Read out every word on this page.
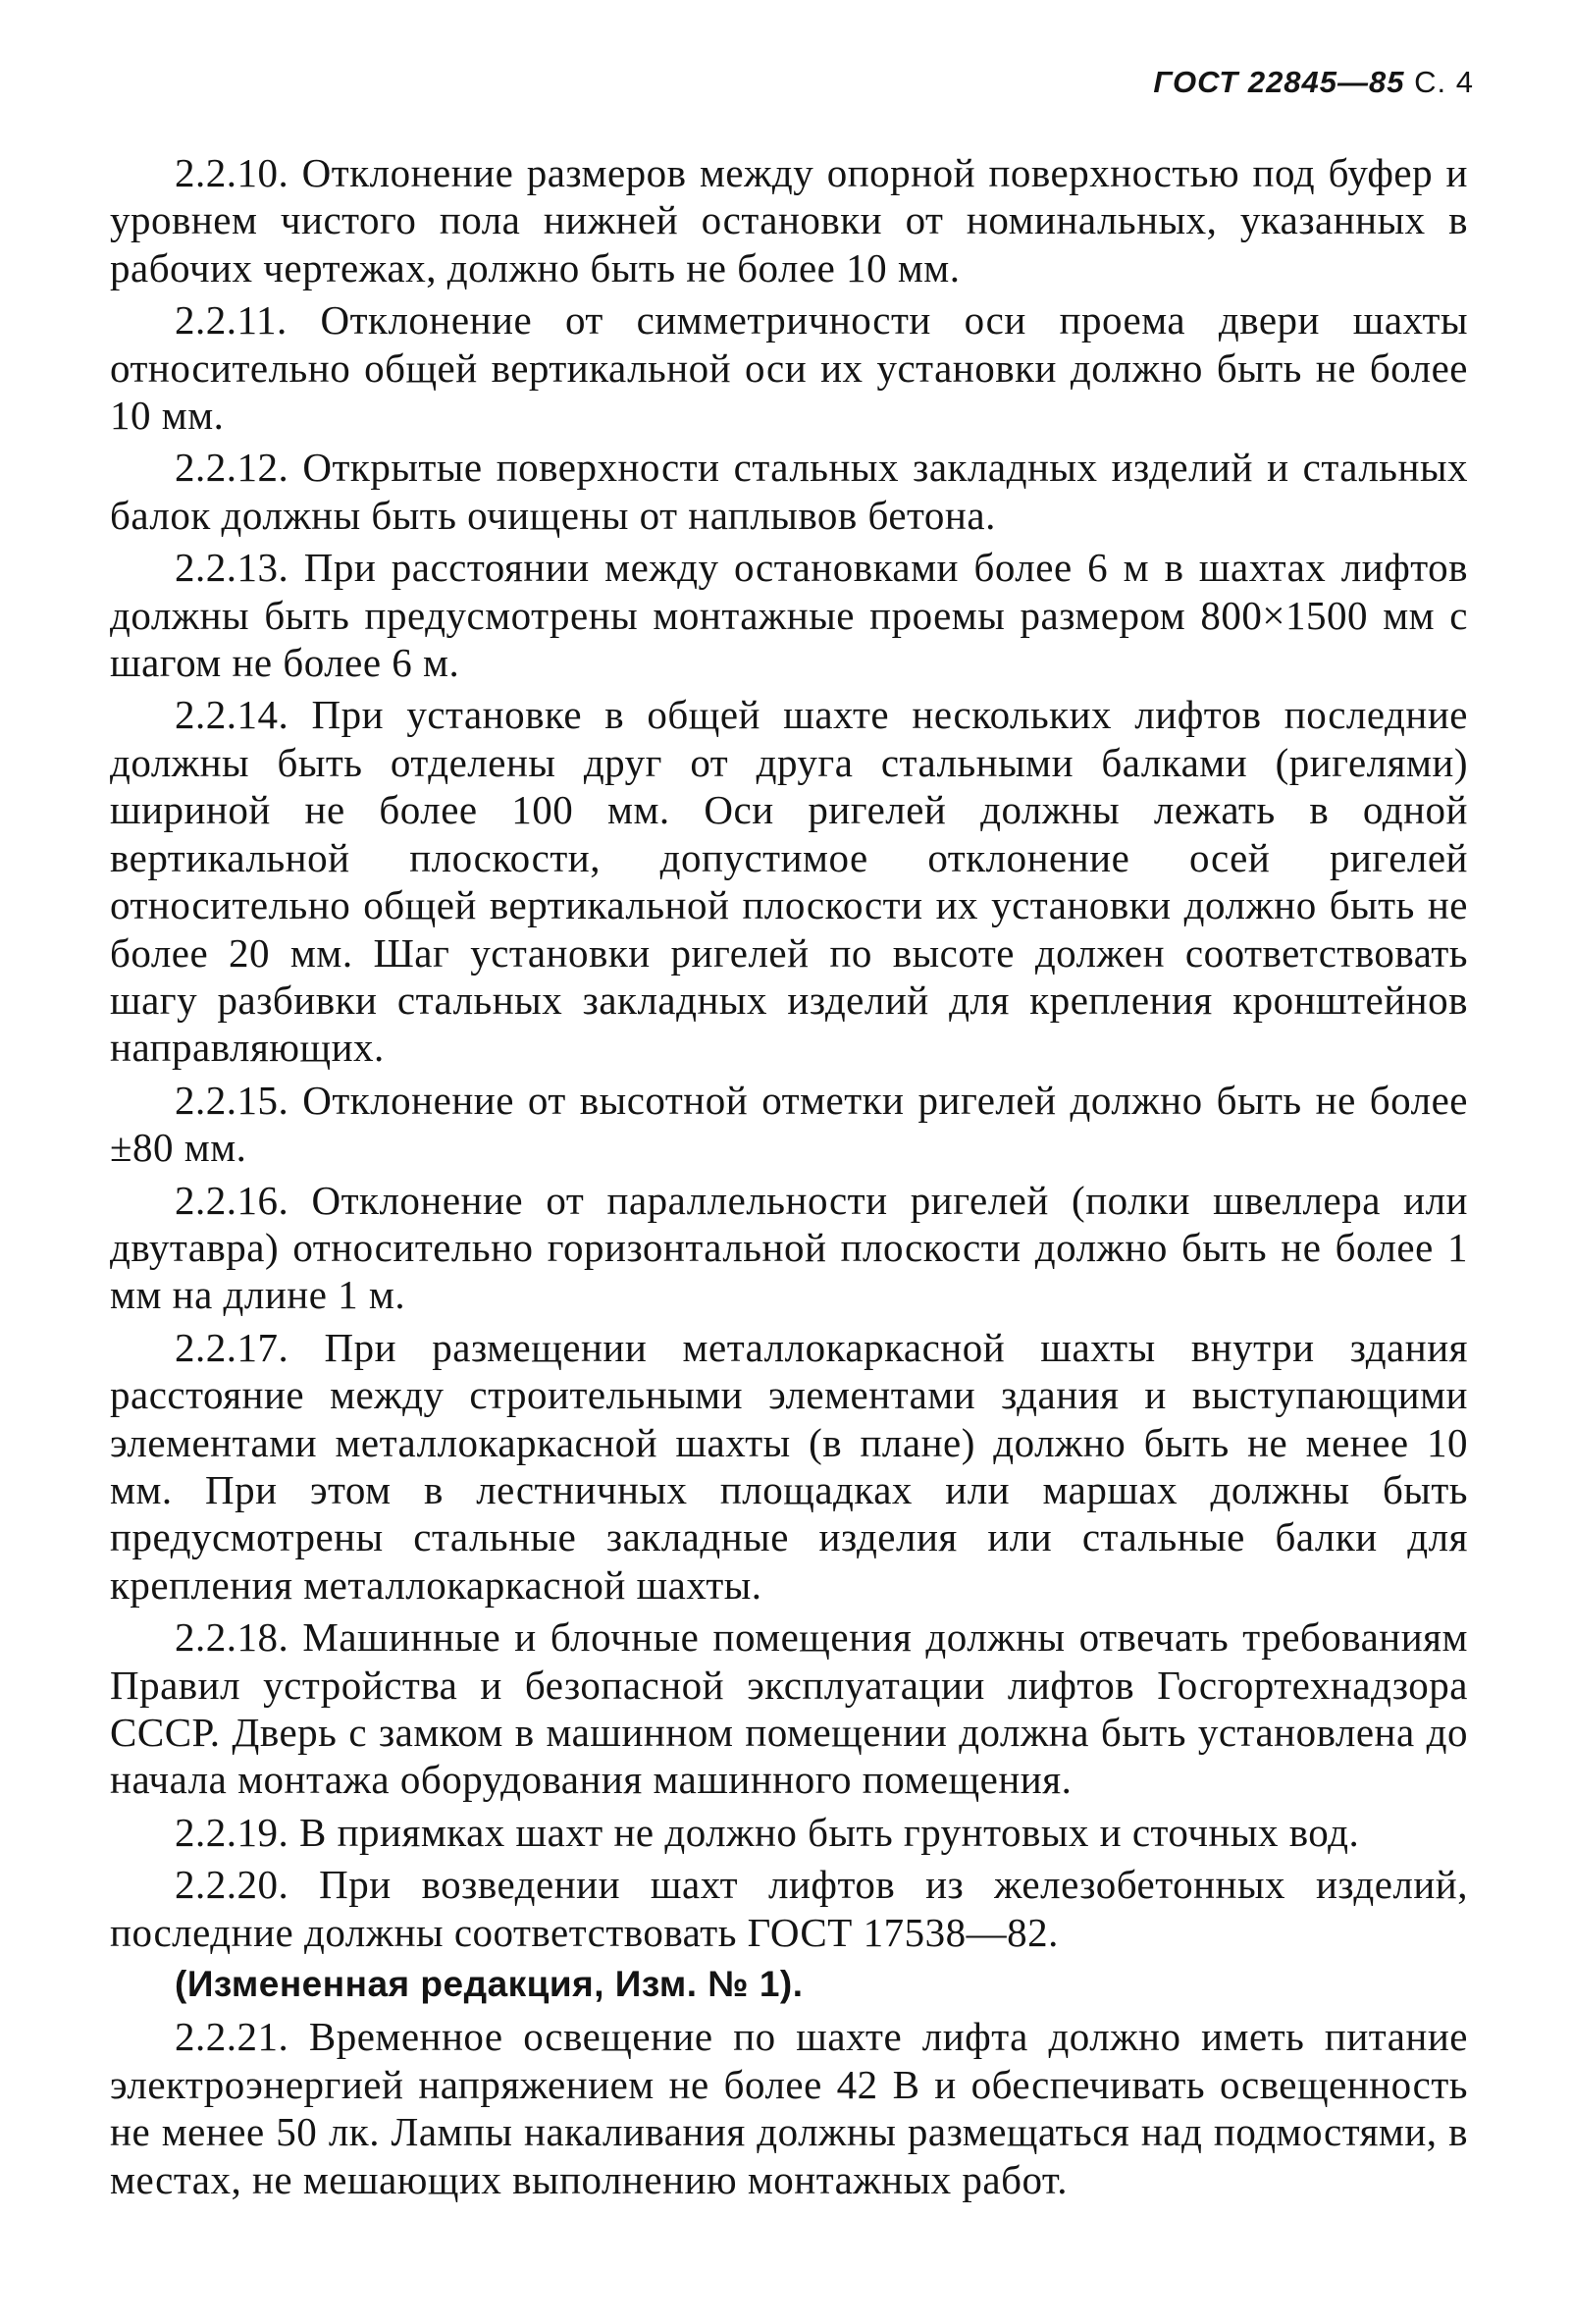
ГОСТ 22845—85 С. 4

2.2.10. Отклонение размеров между опорной поверхностью под буфер и уровнем чистого пола нижней остановки от номинальных, указанных в рабочих чертежах, должно быть не более 10 мм.

2.2.11. Отклонение от симметричности оси проема двери шахты относительно общей вертикальной оси их установки должно быть не более 10 мм.

2.2.12. Открытые поверхности стальных закладных изделий и стальных балок должны быть очищены от наплывов бетона.

2.2.13. При расстоянии между остановками более 6 м в шахтах лифтов должны быть предусмотрены монтажные проемы размером 800×1500 мм с шагом не более 6 м.

2.2.14. При установке в общей шахте нескольких лифтов последние должны быть отделены друг от друга стальными балками (ригелями) шириной не более 100 мм. Оси ригелей должны лежать в одной вертикальной плоскости, допустимое отклонение осей ригелей относительно общей вертикальной плоскости их установки должно быть не более 20 мм. Шаг установки ригелей по высоте должен соответствовать шагу разбивки стальных закладных изделий для крепления кронштейнов направляющих.

2.2.15. Отклонение от высотной отметки ригелей должно быть не более ±80 мм.

2.2.16. Отклонение от параллельности ригелей (полки швеллера или двутавра) относительно горизонтальной плоскости должно быть не более 1 мм на длине 1 м.

2.2.17. При размещении металлокаркасной шахты внутри здания расстояние между строительными элементами здания и выступающими элементами металлокаркасной шахты (в плане) должно быть не менее 10 мм. При этом в лестничных площадках или маршах должны быть предусмотрены стальные закладные изделия или стальные балки для крепления металлокаркасной шахты.

2.2.18. Машинные и блочные помещения должны отвечать требованиям Правил устройства и безопасной эксплуатации лифтов Госгортехнадзора СССР. Дверь с замком в машинном помещении должна быть установлена до начала монтажа оборудования машинного помещения.

2.2.19. В приямках шахт не должно быть грунтовых и сточных вод.

2.2.20. При возведении шахт лифтов из железобетонных изделий, последние должны соответствовать ГОСТ 17538—82.

(Измененная редакция, Изм. № 1).

2.2.21. Временное освещение по шахте лифта должно иметь питание электроэнергией напряжением не более 42 В и обеспечивать освещенность не менее 50 лк. Лампы накаливания должны размещаться над подмостями, в местах, не мешающих выполнению монтажных работ.
